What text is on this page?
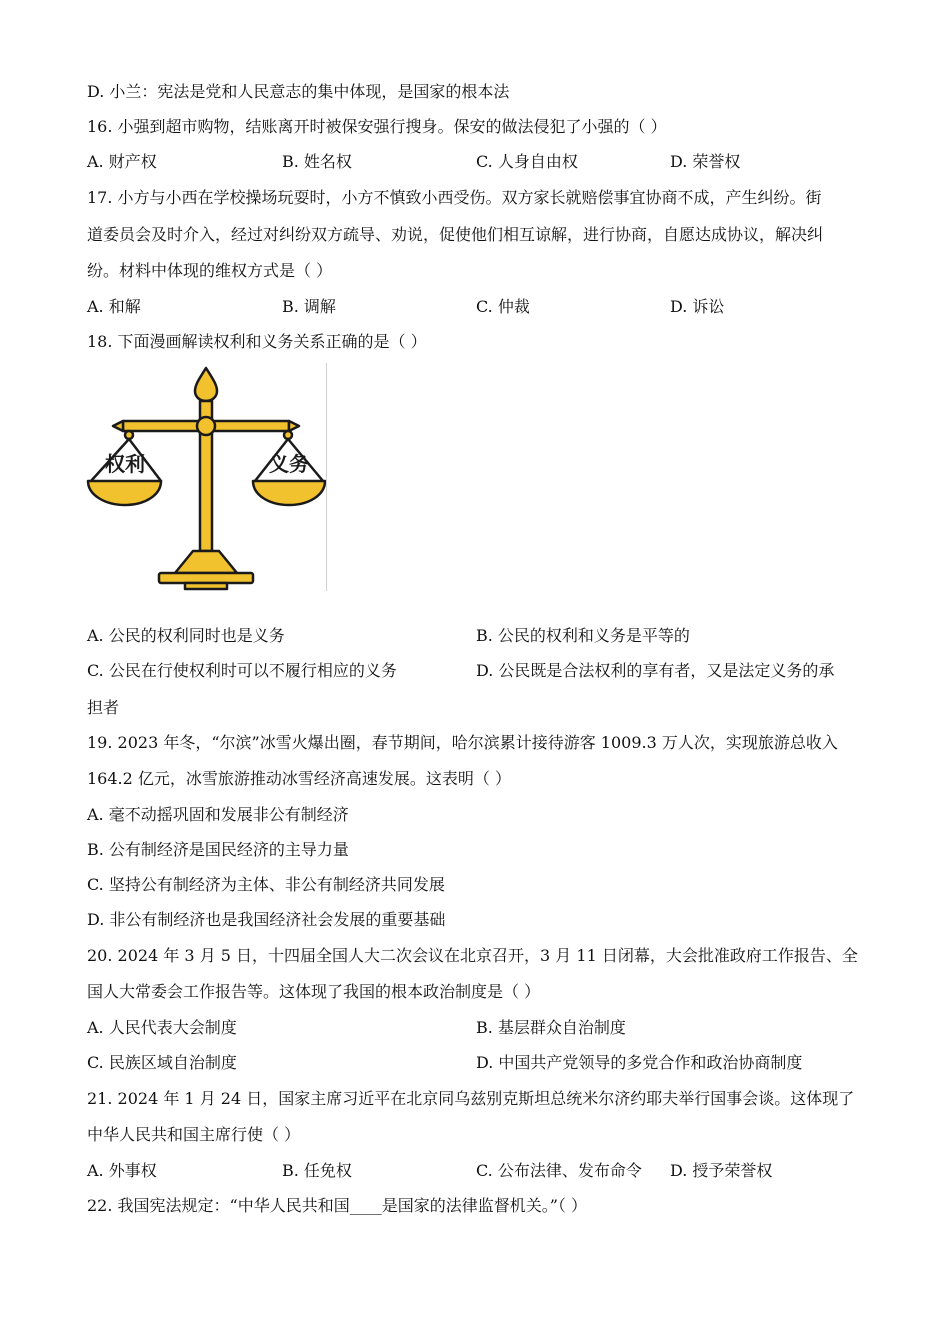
D. 小兰：宪法是党和人民意志的集中体现，是国家的根本法
16. 小强到超市购物，结账离开时被保安强行搜身。保安的做法侵犯了小强的（ ）
A. 财产权	B. 姓名权	C. 人身自由权	D. 荣誉权
17. 小方与小西在学校操场玩耍时，小方不慎致小西受伤。双方家长就赔偿事宜协商不成，产生纠纷。街
道委员会及时介入，经过对纠纷双方疏导、劝说，促使他们相互谅解，进行协商，自愿达成协议，解决纠
纷。材料中体现的维权方式是（ ）
A. 和解	B. 调解	C. 仲裁	D. 诉讼
18. 下面漫画解读权利和义务关系正确的是（ ）
权利	义务
A. 公民的权利同时也是义务	B. 公民的权利和义务是平等的
C. 公民在行使权利时可以不履行相应的义务	D. 公民既是合法权利的享有者，又是法定义务的承
担者
19. 2023 年冬，“尔滨”冰雪火爆出圈，春节期间，哈尔滨累计接待游客 1009.3 万人次，实现旅游总收入
164.2 亿元，冰雪旅游推动冰雪经济高速发展。这表明（ ）
A. 毫不动摇巩固和发展非公有制经济
B. 公有制经济是国民经济的主导力量
C. 坚持公有制经济为主体、非公有制经济共同发展
D. 非公有制经济也是我国经济社会发展的重要基础
20. 2024 年 3 月 5 日，十四届全国人大二次会议在北京召开，3 月 11 日闭幕，大会批准政府工作报告、全
国人大常委会工作报告等。这体现了我国的根本政治制度是（ ）
A. 人民代表大会制度	B. 基层群众自治制度
C. 民族区域自治制度	D. 中国共产党领导的多党合作和政治协商制度
21. 2024 年 1 月 24 日，国家主席习近平在北京同乌兹别克斯坦总统米尔济约耶夫举行国事会谈。这体现了
中华人民共和国主席行使（ ）
A. 外事权	B. 任免权	C. 公布法律、发布命令 D. 授予荣誉权
22. 我国宪法规定：“中华人民共和国____是国家的法律监督机关。”（ ）
